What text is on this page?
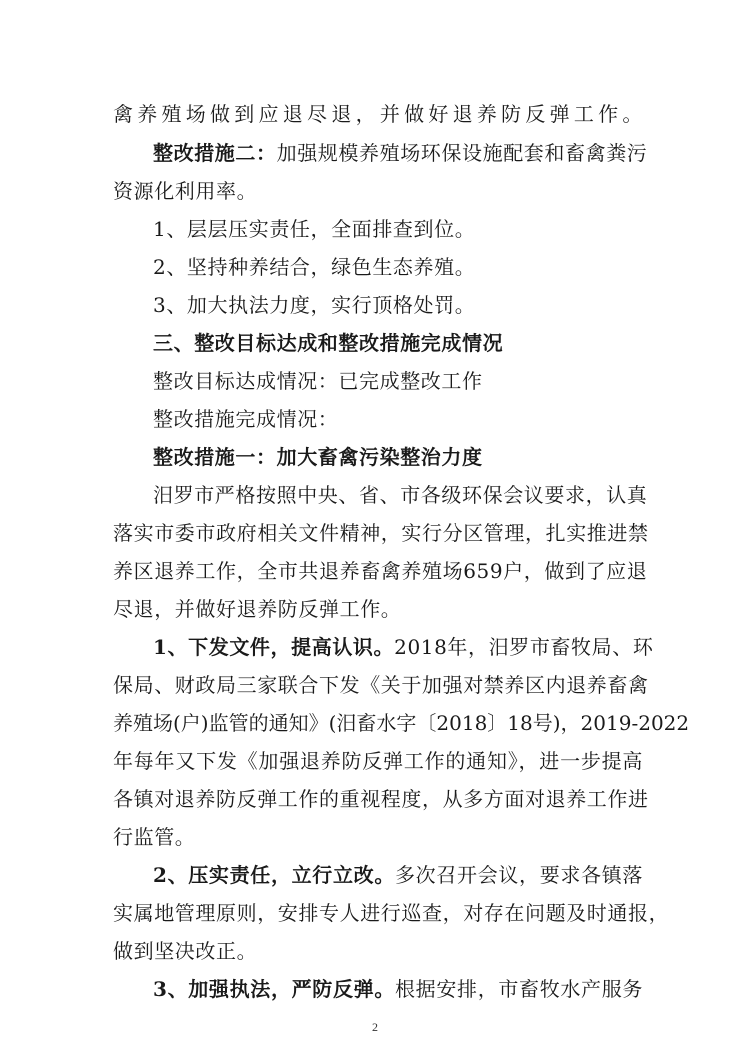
禽养殖场做到应退尽退，并做好退养防反弹工作。
整改措施二：加强规模养殖场环保设施配套和畜禽粪污
资源化利用率。
1、层层压实责任，全面排查到位。
2、坚持种养结合，绿色生态养殖。
3、加大执法力度，实行顶格处罚。
三、整改目标达成和整改措施完成情况
整改目标达成情况：已完成整改工作
整改措施完成情况：
整改措施一：加大畜禽污染整治力度
汨罗市严格按照中央、省、市各级环保会议要求，认真
落实市委市政府相关文件精神，实行分区管理，扎实推进禁
养区退养工作，全市共退养畜禽养殖场659户，做到了应退
尽退，并做好退养防反弹工作。
1、下发文件，提高认识。2018年，汨罗市畜牧局、环
保局、财政局三家联合下发《关于加强对禁养区内退养畜禽
养殖场(户)监管的通知》(汨畜水字〔2018〕18号)，2019-2022
年每年又下发《加强退养防反弹工作的通知》，进一步提高
各镇对退养防反弹工作的重视程度，从多方面对退养工作进
行监管。
2、压实责任，立行立改。多次召开会议，要求各镇落
实属地管理原则，安排专人进行巡查，对存在问题及时通报，
做到坚决改正。
3、加强执法，严防反弹。根据安排，市畜牧水产服务
2
